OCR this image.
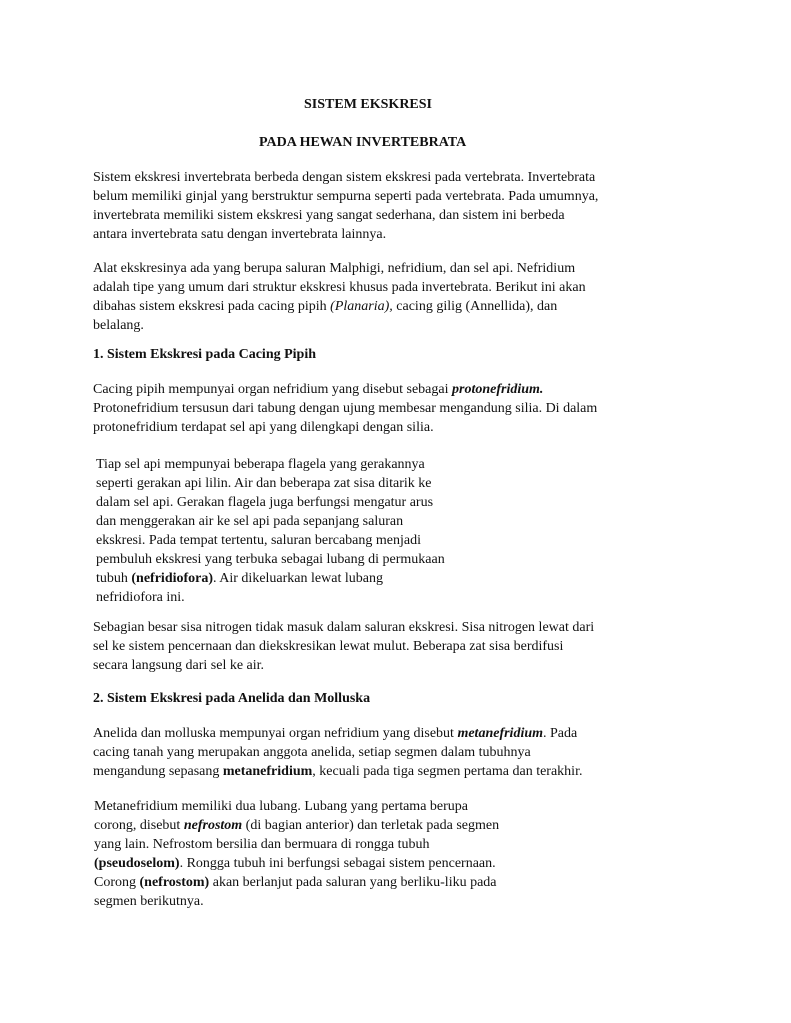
SISTEM EKSKRESI
PADA HEWAN INVERTEBRATA
Sistem ekskresi invertebrata berbeda dengan sistem ekskresi pada vertebrata. Invertebrata
belum memiliki ginjal yang berstruktur sempurna seperti pada vertebrata. Pada umumnya,
invertebrata memiliki sistem ekskresi yang sangat sederhana, dan sistem ini berbeda
antara invertebrata satu dengan invertebrata lainnya.
Alat ekskresinya ada yang berupa saluran Malphigi, nefridium, dan sel api. Nefridium
adalah tipe yang umum dari struktur ekskresi khusus pada invertebrata. Berikut ini akan
dibahas sistem ekskresi pada cacing pipih (Planaria), cacing gilig (Annellida), dan
belalang.
1. Sistem Ekskresi pada Cacing Pipih
Cacing pipih mempunyai organ nefridium yang disebut sebagai protonefridium.
Protonefridium tersusun dari tabung dengan ujung membesar mengandung silia. Di dalam
protonefridium terdapat sel api yang dilengkapi dengan silia.
Tiap sel api mempunyai beberapa flagela yang gerakannya
seperti gerakan api lilin. Air dan beberapa zat sisa ditarik ke
dalam sel api. Gerakan flagela juga berfungsi mengatur arus
dan menggerakan air ke sel api pada sepanjang saluran
ekskresi. Pada tempat tertentu, saluran bercabang menjadi
pembuluh ekskresi yang terbuka sebagai lubang di permukaan
tubuh (nefridiofora). Air dikeluarkan lewat lubang
nefridiofora ini.
Sebagian besar sisa nitrogen tidak masuk dalam saluran ekskresi. Sisa nitrogen lewat dari
sel ke sistem pencernaan dan diekskresikan lewat mulut. Beberapa zat sisa berdifusi
secara langsung dari sel ke air.
2. Sistem Ekskresi pada Anelida dan Molluska
Anelida dan molluska mempunyai organ nefridium yang disebut metanefridium. Pada
cacing tanah yang merupakan anggota anelida, setiap segmen dalam tubuhnya
mengandung sepasang metanefridium, kecuali pada tiga segmen pertama dan terakhir.
Metanefridium memiliki dua lubang. Lubang yang pertama berupa
corong, disebut nefrostom (di bagian anterior) dan terletak pada segmen
yang lain. Nefrostom bersilia dan bermuara di rongga tubuh
(pseudoselom). Rongga tubuh ini berfungsi sebagai sistem pencernaan.
Corong (nefrostom) akan berlanjut pada saluran yang berliku-liku pada
segmen berikutnya.
